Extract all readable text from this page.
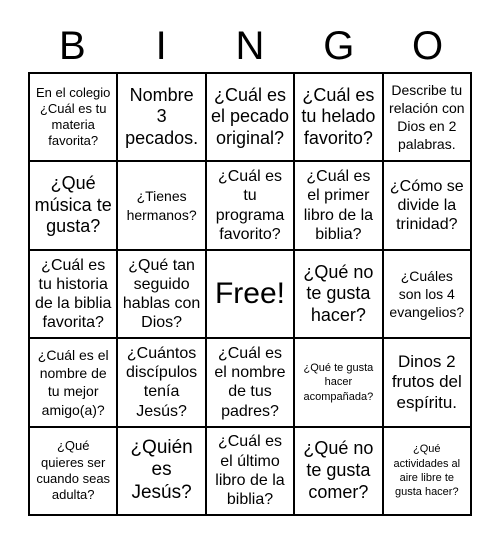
B	I	N	G	O
En el colegio ¿Cuál es tu materia favorita?
Nombre 3 pecados.
¿Cuál es el pecado original?
¿Cuál es tu helado favorito?
Describe tu relación con Dios en 2 palabras.
¿Qué música te gusta?
¿Tienes hermanos?
¿Cuál es tu programa favorito?
¿Cuál es el primer libro de la biblia?
¿Cómo se divide la trinidad?
¿Cuál es tu historia de la biblia favorita?
¿Qué tan seguido hablas con Dios?
Free!
¿Qué no te gusta hacer?
¿Cuáles son los 4 evangelios?
¿Cuál es el nombre de tu mejor amigo(a)?
¿Cuántos discípulos tenía Jesús?
¿Cuál es el nombre de tus padres?
¿Qué te gusta hacer acompañada?
Dinos 2 frutos del espíritu.
¿Qué quieres ser cuando seas adulta?
¿Quién es Jesús?
¿Cuál es el último libro de la biblia?
¿Qué no te gusta comer?
¿Qué actividades al aire libre te gusta hacer?
